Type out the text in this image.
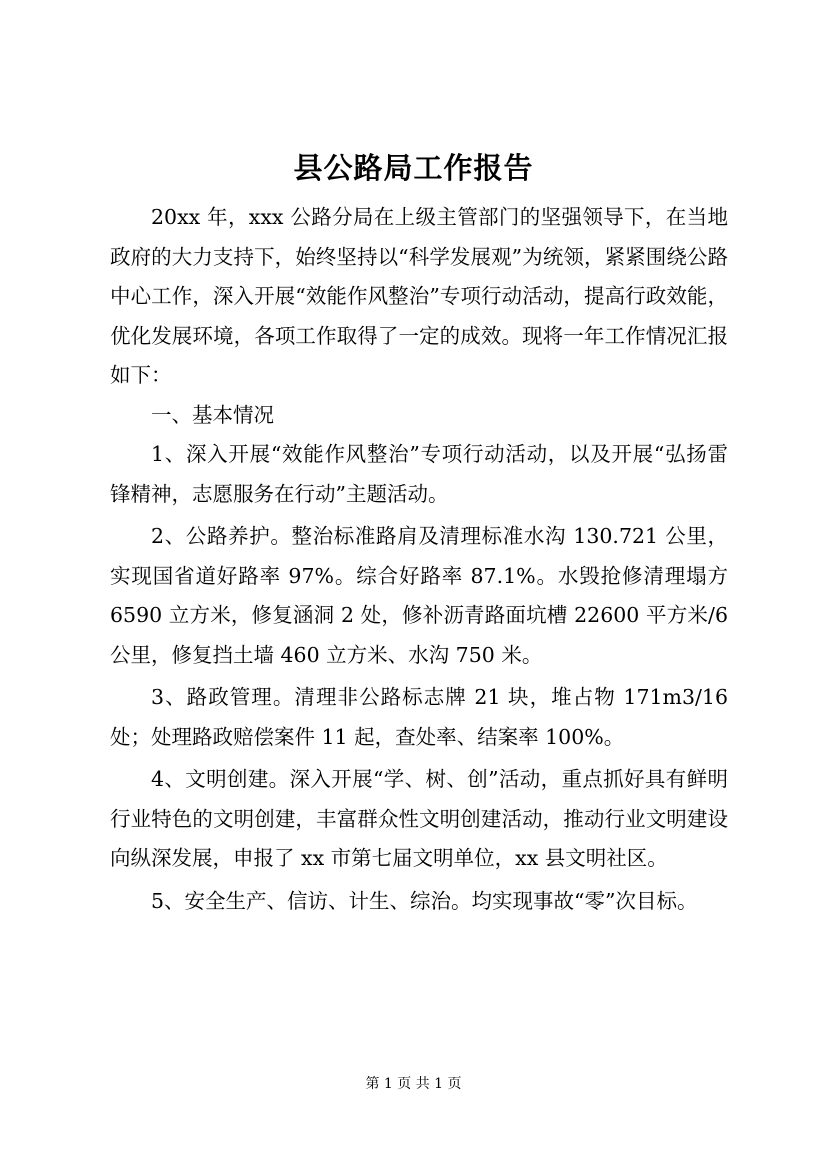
县公路局工作报告

20xx 年，xxx 公路分局在上级主管部门的坚强领导下，在当地政府的大力支持下，始终坚持以“科学发展观”为统领，紧紧围绕公路中心工作，深入开展“效能作风整治”专项行动活动，提高行政效能，优化发展环境，各项工作取得了一定的成效。现将一年工作情况汇报如下：

一、基本情况

1、深入开展“效能作风整治”专项行动活动，以及开展“弘扬雷锋精神，志愿服务在行动”主题活动。

2、公路养护。整治标准路肩及清理标准水沟 130.721 公里，实现国省道好路率 97%。综合好路率 87.1%。水毁抢修清理塌方 6590 立方米，修复涵洞 2 处，修补沥青路面坑槽 22600 平方米/6 公里，修复挡土墙 460 立方米、水沟 750 米。

3、路政管理。清理非公路标志牌 21 块，堆占物 171m3/16 处；处理路政赔偿案件 11 起，查处率、结案率 100%。

4、文明创建。深入开展“学、树、创”活动，重点抓好具有鲜明行业特色的文明创建，丰富群众性文明创建活动，推动行业文明建设向纵深发展，申报了 xx 市第七届文明单位，xx 县文明社区。

5、安全生产、信访、计生、综治。均实现事故“零”次目标。

第 1 页 共 1 页
